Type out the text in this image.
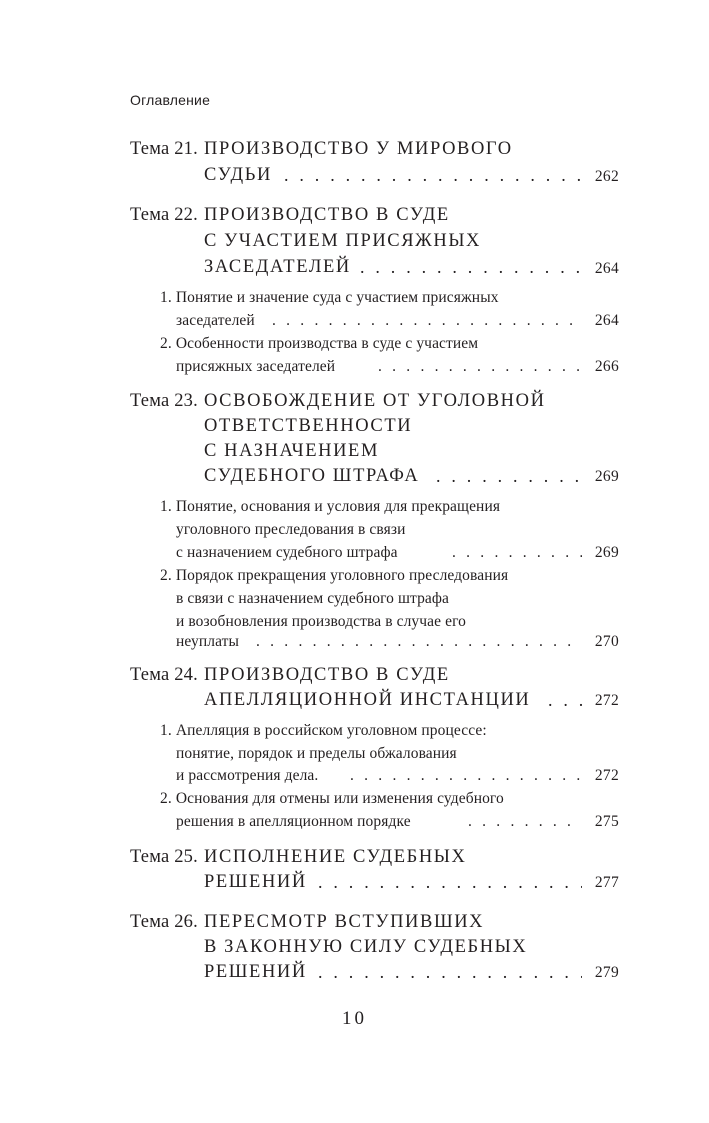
Оглавление
Тема 21. ПРОИЗВОДСТВО У МИРОВОГО
СУДЬИ . . .	262
Тема 22. ПРОИЗВОДСТВО В СУДЕ
С УЧАСТИЕМ ПРИСЯЖНЫХ
ЗАСЕДАТЕЛЕЙ . . .	264
1. Понятие и значение суда с участием присяжных
заседателей . . .	264
2. Особенности производства в суде с участием
присяжных заседателей . . .	266
Тема 23. ОСВОБОЖДЕНИЕ ОТ УГОЛОВНОЙ
ОТВЕТСТВЕННОСТИ
С НАЗНАЧЕНИЕМ
СУДЕБНОГО ШТРАФА . . .	269
1. Понятие, основания и условия для прекращения
уголовного преследования в связи
с назначением судебного штрафа . . .	269
2. Порядок прекращения уголовного преследования
в связи с назначением судебного штрафа
и возобновления производства в случае его
неуплаты . . .	270
Тема 24. ПРОИЗВОДСТВО В СУДЕ
АПЕЛЛЯЦИОННОЙ ИНСТАНЦИИ . . .	272
1. Апелляция в российском уголовном процессе:
понятие, порядок и пределы обжалования
и рассмотрения дела. . . .	272
2. Основания для отмены или изменения судебного
решения в апелляционном порядке . . .	275
Тема 25. ИСПОЛНЕНИЕ СУДЕБНЫХ
РЕШЕНИЙ . . .	277
Тема 26. ПЕРЕСМОТР ВСТУПИВШИХ
В ЗАКОННУЮ СИЛУ СУДЕБНЫХ
РЕШЕНИЙ . . .	279
10
